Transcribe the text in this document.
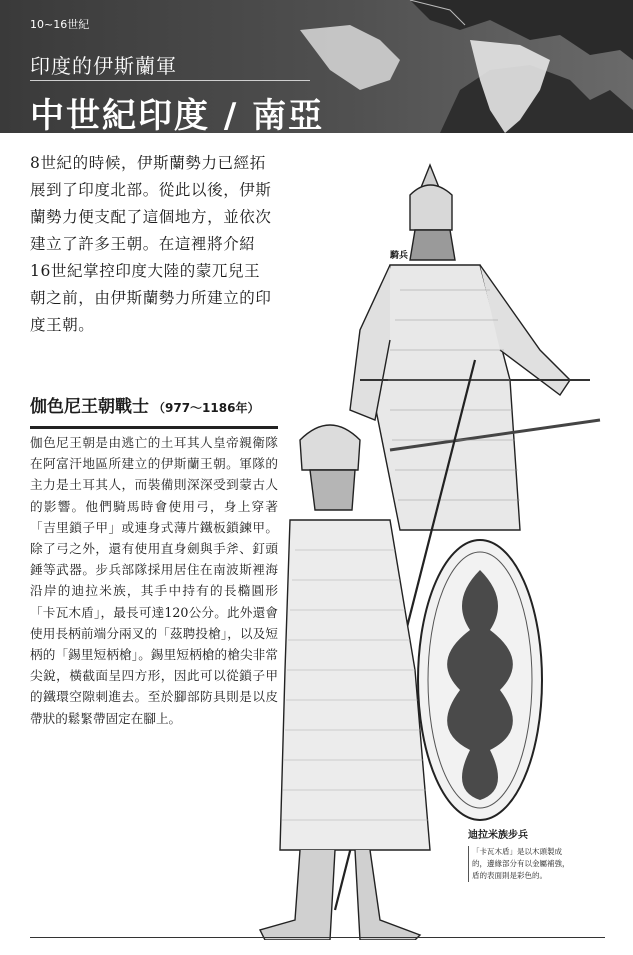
10~16世紀
印度的伊斯蘭軍
中世紀印度 / 南亞
8世紀的時候，伊斯蘭勢力已經拓展到了印度北部。從此以後，伊斯蘭勢力便支配了這個地方，並依次建立了許多王朝。在這裡將介紹16世紀掌控印度大陸的蒙兀兒王朝之前，由伊斯蘭勢力所建立的印度王朝。
伽色尼王朝戰士 （977～1186年）
伽色尼王朝是由逃亡的土耳其人皇帝親衛隊在阿富汗地區所建立的伊斯蘭王朝。軍隊的主力是土耳其人，而裝備則深深受到蒙古人的影響。他們騎馬時會使用弓，身上穿著「吉里鎖子甲」或連身式薄片鐵板鎖鍊甲。除了弓之外，還有使用直身劍與手斧、釘頭錘等武器。步兵部隊採用居住在南波斯裡海沿岸的迪拉米族，其手中持有的長橢圓形「卡瓦木盾」，最長可達120公分。此外還會使用長柄前端分兩叉的「茲聘投槍」，以及短柄的「錫里短柄槍」。錫里短柄槍的槍尖非常尖銳，橫截面呈四方形，因此可以從鎖子甲的鐵環空隙刺進去。至於腳部防具則是以皮帶狀的鬆緊帶固定在腳上。
騎兵
迪拉米族步兵
「卡瓦木盾」是以木頭製成的，邊緣部分有以金屬補強，盾的表面則是彩色的。
